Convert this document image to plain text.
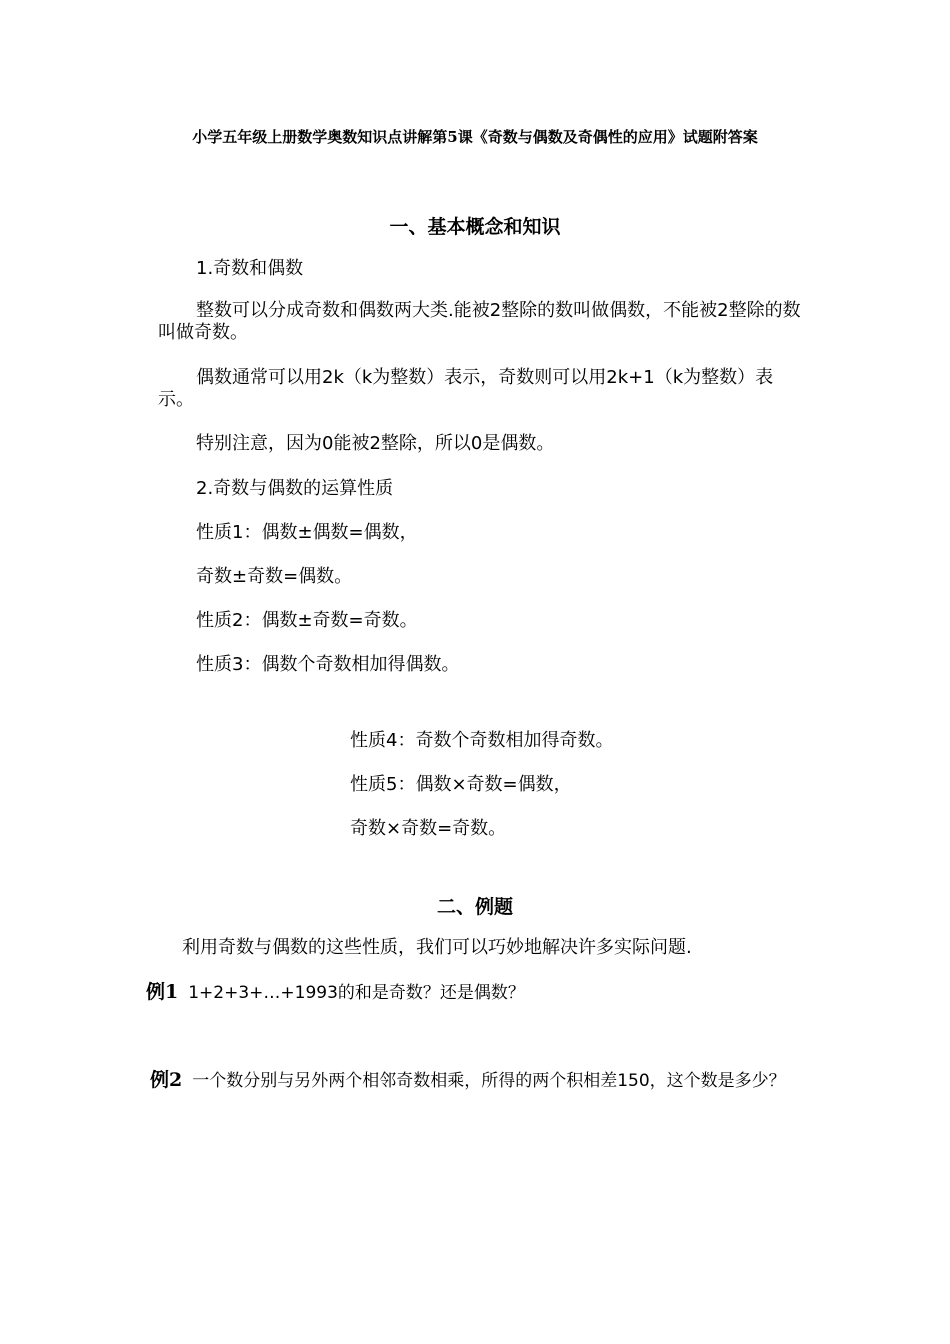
小学五年级上册数学奥数知识点讲解第5课《奇数与偶数及奇偶性的应用》试题附答案
一、基本概念和知识
1.奇数和偶数
整数可以分成奇数和偶数两大类.能被2整除的数叫做偶数，不能被2整除的数叫做奇数。
偶数通常可以用2k（k为整数）表示，奇数则可以用2k+1（k为整数）表示。
特别注意，因为0能被2整除，所以0是偶数。
2.奇数与偶数的运算性质
性质1：偶数±偶数=偶数，
奇数±奇数=偶数。
性质2：偶数±奇数=奇数。
性质3：偶数个奇数相加得偶数。
性质4：奇数个奇数相加得奇数。
性质5：偶数×奇数=偶数，
奇数×奇数=奇数。
二、例题
利用奇数与偶数的这些性质，我们可以巧妙地解决许多实际问题.
例1 1+2+3+…+1993的和是奇数？还是偶数？
例2 一个数分别与另外两个相邻奇数相乘，所得的两个积相差150，这个数是多少？
